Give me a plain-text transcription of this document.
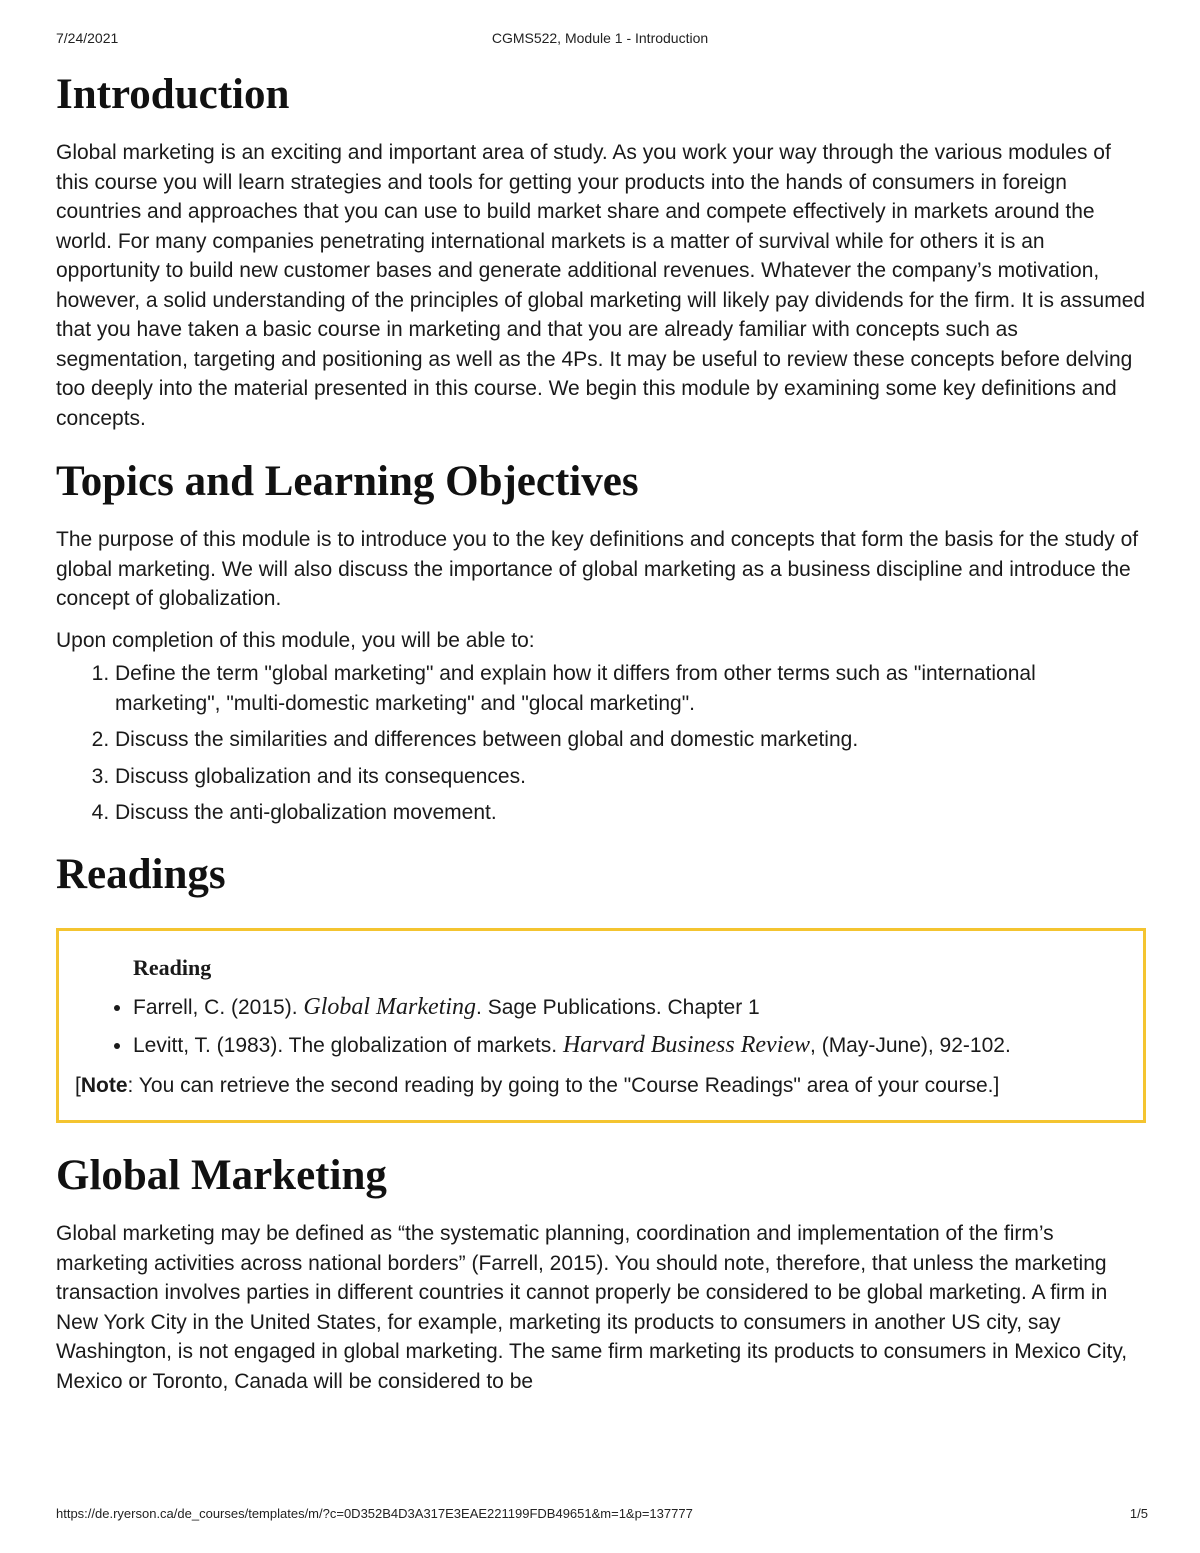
7/24/2021	CGMS522, Module 1 - Introduction
Introduction

Global marketing is an exciting and important area of study. As you work your way through the various modules of this course you will learn strategies and tools for getting your products into the hands of consumers in foreign countries and approaches that you can use to build market share and compete effectively in markets around the world. For many companies penetrating international markets is a matter of survival while for others it is an opportunity to build new customer bases and generate additional revenues. Whatever the company’s motivation, however, a solid understanding of the principles of global marketing will likely pay dividends for the firm. It is assumed that you have taken a basic course in marketing and that you are already familiar with concepts such as segmentation, targeting and positioning as well as the 4Ps. It may be useful to review these concepts before delving too deeply into the material presented in this course. We begin this module by examining some key definitions and concepts.

Topics and Learning Objectives

The purpose of this module is to introduce you to the key definitions and concepts that form the basis for the study of global marketing. We will also discuss the importance of global marketing as a business discipline and introduce the concept of globalization.

Upon completion of this module, you will be able to:

1. Define the term "global marketing" and explain how it differs from other terms such as "international marketing", "multi-domestic marketing" and "glocal marketing".
2. Discuss the similarities and differences between global and domestic marketing.
3. Discuss globalization and its consequences.
4. Discuss the anti-globalization movement.
Readings
Reading
• Farrell, C. (2015). Global Marketing. Sage Publications. Chapter 1
• Levitt, T. (1983). The globalization of markets. Harvard Business Review, (May-June), 92-102.

[Note: You can retrieve the second reading by going to the "Course Readings" area of your course.]

Global Marketing

Global marketing may be defined as “the systematic planning, coordination and implementation of the firm’s marketing activities across national borders” (Farrell, 2015). You should note, therefore, that unless the marketing transaction involves parties in different countries it cannot properly be considered to be global marketing. A firm in New York City in the United States, for example, marketing its products to consumers in another US city, say Washington, is not engaged in global marketing. The same firm marketing its products to consumers in Mexico City, Mexico or Toronto, Canada will be considered to be

https://de.ryerson.ca/de_courses/templates/m/?c=0D352B4D3A317E3EAE221199FDB49651&m=1&p=137777	1/5
